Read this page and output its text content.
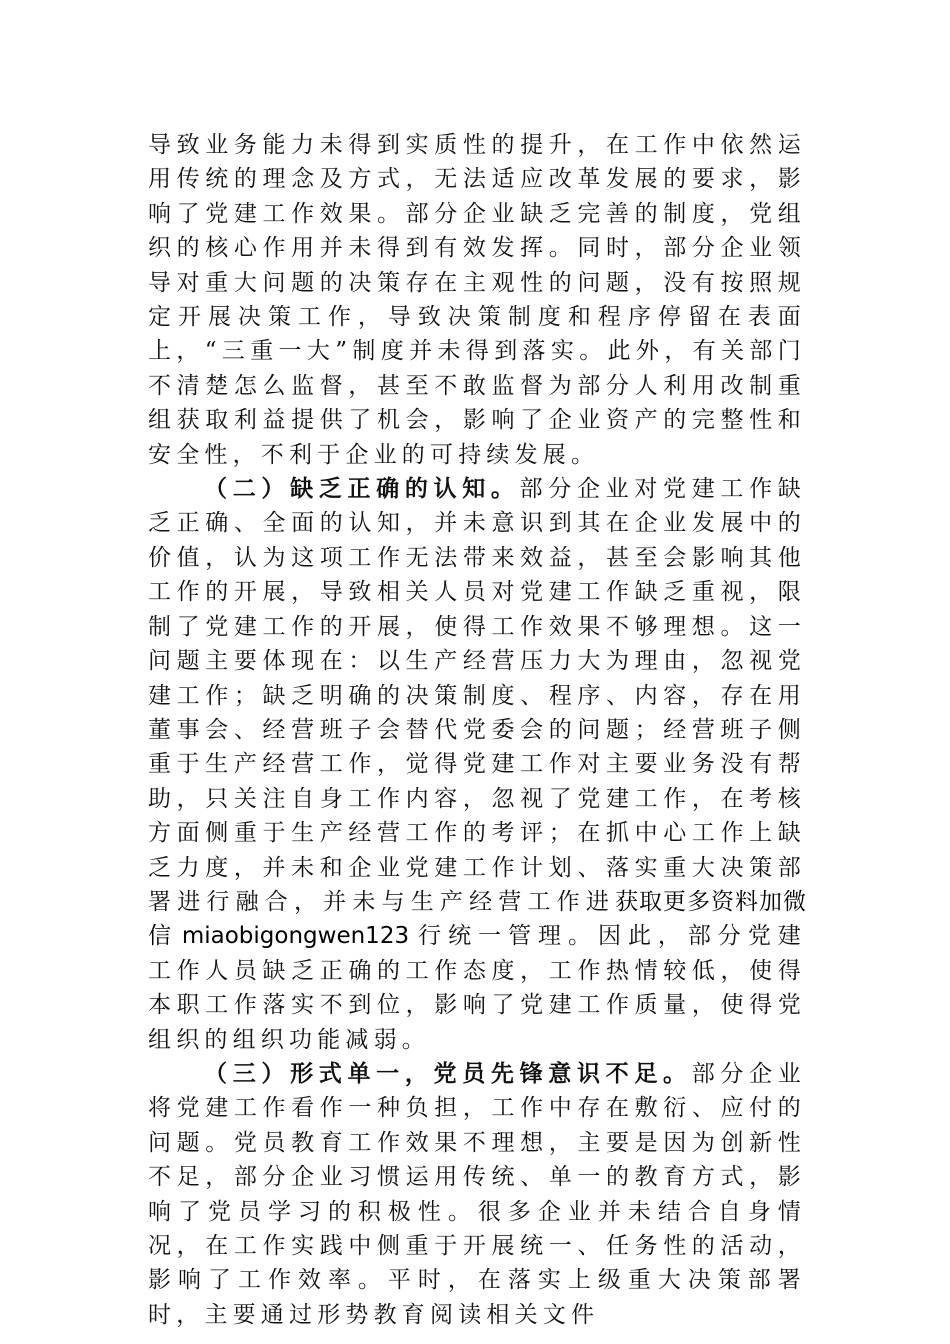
导致业务能力未得到实质性的提升，在工作中依然运用传统的理念及方式，无法适应改革发展的要求，影响了党建工作效果。部分企业缺乏完善的制度，党组织的核心作用并未得到有效发挥。同时，部分企业领导对重大问题的决策存在主观性的问题，没有按照规定开展决策工作，导致决策制度和程序停留在表面上，“三重一大”制度并未得到落实。此外，有关部门不清楚怎么监督，甚至不敢监督为部分人利用改制重组获取利益提供了机会，影响了企业资产的完整性和安全性，不利于企业的可持续发展。

（二）缺乏正确的认知。部分企业对党建工作缺乏正确、全面的认知，并未意识到其在企业发展中的价值，认为这项工作无法带来效益，甚至会影响其他工作的开展，导致相关人员对党建工作缺乏重视，限制了党建工作的开展，使得工作效果不够理想。这一问题主要体现在：以生产经营压力大为理由，忽视党建工作；缺乏明确的决策制度、程序、内容，存在用董事会、经营班子会替代党委会的问题；经营班子侧重于生产经营工作，觉得党建工作对主要业务没有帮助，只关注自身工作内容，忽视了党建工作，在考核方面侧重于生产经营工作的考评；在抓中心工作上缺乏力度，并未和企业党建工作计划、落实重大决策部署进行融合，并未与生产经营工作进获取更多资料加微信 miaobigongwen123 行统一管理。因此，部分党建工作人员缺乏正确的工作态度，工作热情较低，使得本职工作落实不到位，影响了党建工作质量，使得党组织的组织功能减弱。

（三）形式单一，党员先锋意识不足。部分企业将党建工作看作一种负担，工作中存在敷衍、应付的问题。党员教育工作效果不理想，主要是因为创新性不足，部分企业习惯运用传统、单一的教育方式，影响了党员学习的积极性。很多企业并未结合自身情况，在工作实践中侧重于开展统一、任务性的活动，影响了工作效率。平时，在落实上级重大决策部署时，主要通过形势教育阅读相关文件
